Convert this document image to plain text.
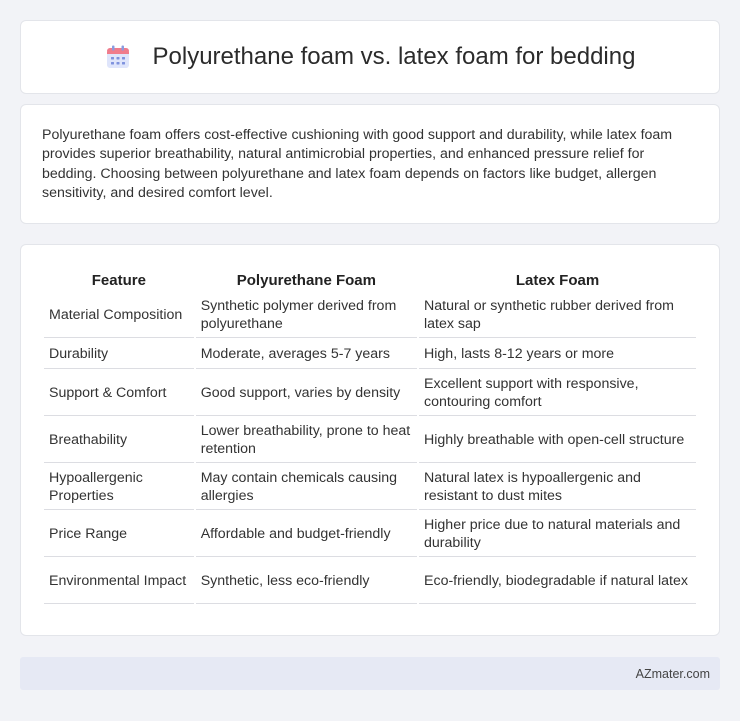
Polyurethane foam vs. latex foam for bedding

Polyurethane foam offers cost-effective cushioning with good support and durability, while latex foam provides superior breathability, natural antimicrobial properties, and enhanced pressure relief for bedding. Choosing between polyurethane and latex foam depends on factors like budget, allergen sensitivity, and desired comfort level.

Feature	Polyurethane Foam	Latex Foam
Material Composition	Synthetic polymer derived from polyurethane	Natural or synthetic rubber derived from latex sap
Durability	Moderate, averages 5-7 years	High, lasts 8-12 years or more
Support & Comfort	Good support, varies by density	Excellent support with responsive, contouring comfort
Breathability	Lower breathability, prone to heat retention	Highly breathable with open-cell structure
Hypoallergenic Properties	May contain chemicals causing allergies	Natural latex is hypoallergenic and resistant to dust mites
Price Range	Affordable and budget-friendly	Higher price due to natural materials and durability
Environmental Impact	Synthetic, less eco-friendly	Eco-friendly, biodegradable if natural latex
AZmater.com
